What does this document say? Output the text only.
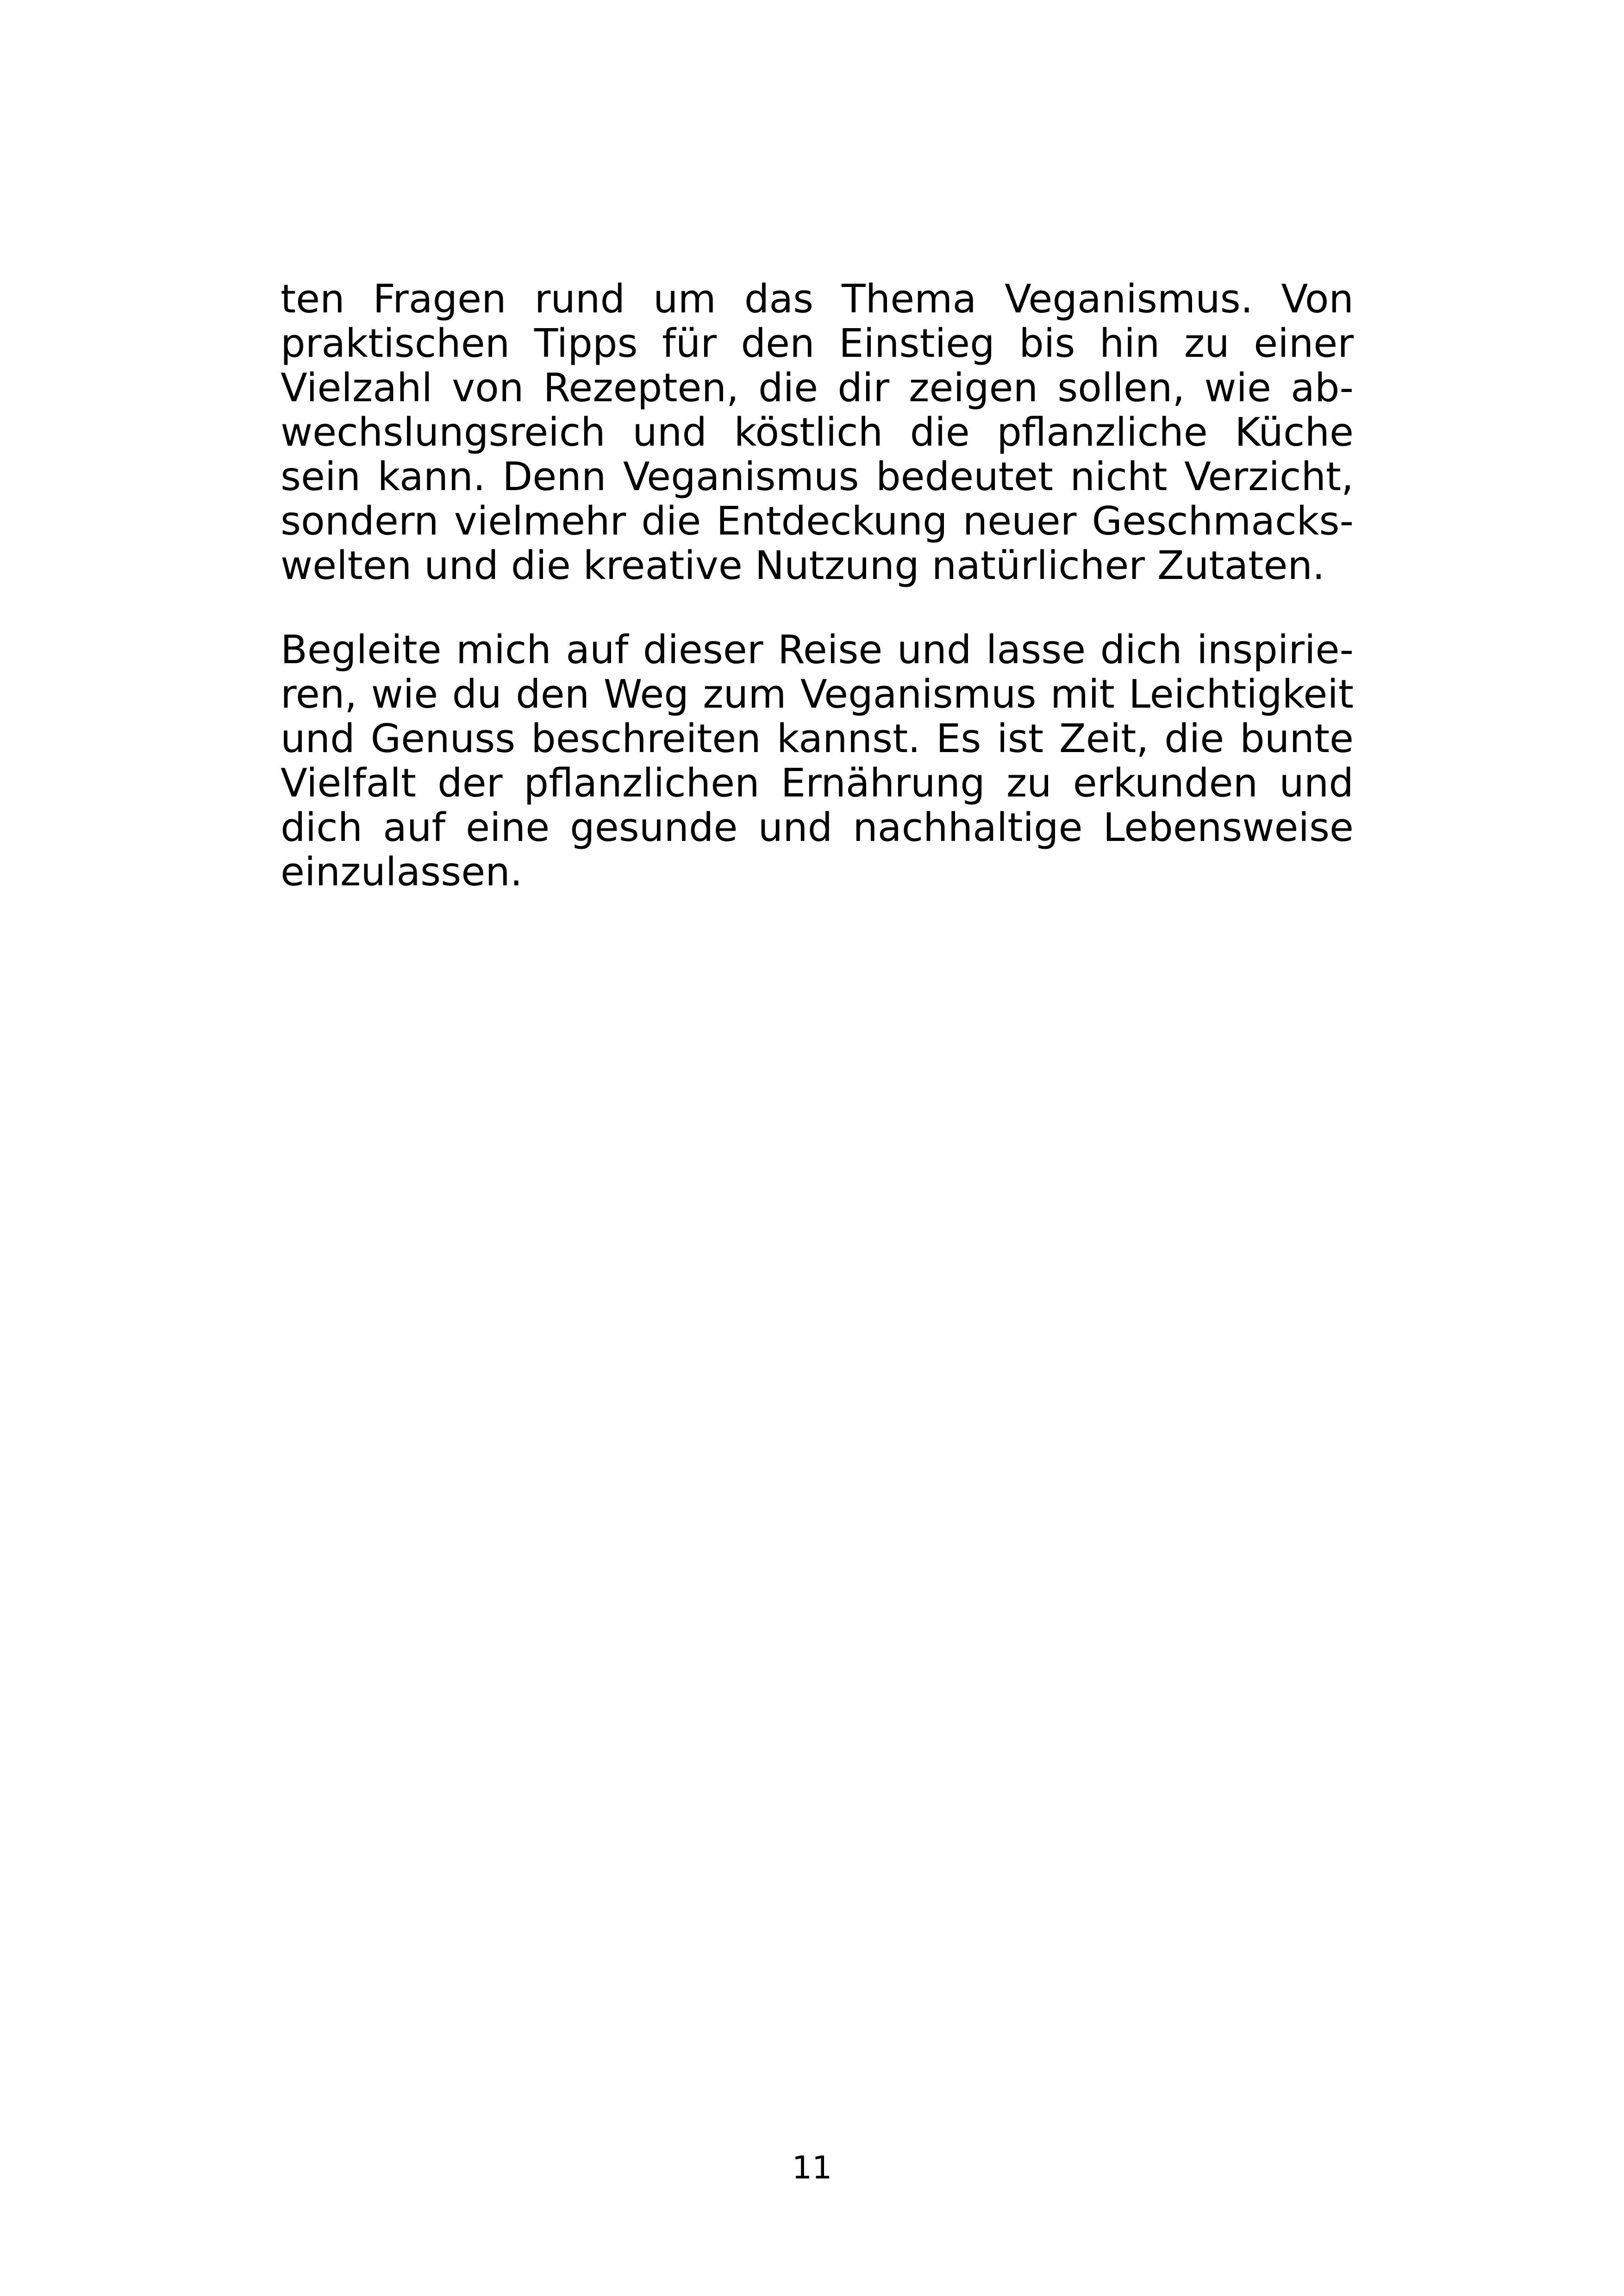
ten Fragen rund um das Thema Veganismus. Von
praktischen Tipps für den Einstieg bis hin zu einer
Vielzahl von Rezepten, die dir zeigen sollen, wie ab-
wechslungsreich und köstlich die pflanzliche Küche
sein kann. Denn Veganismus bedeutet nicht Verzicht,
sondern vielmehr die Entdeckung neuer Geschmacks-
welten und die kreative Nutzung natürlicher Zutaten.

Begleite mich auf dieser Reise und lasse dich inspirie-
ren, wie du den Weg zum Veganismus mit Leichtigkeit
und Genuss beschreiten kannst. Es ist Zeit, die bunte
Vielfalt der pflanzlichen Ernährung zu erkunden und
dich auf eine gesunde und nachhaltige Lebensweise
einzulassen.

11
